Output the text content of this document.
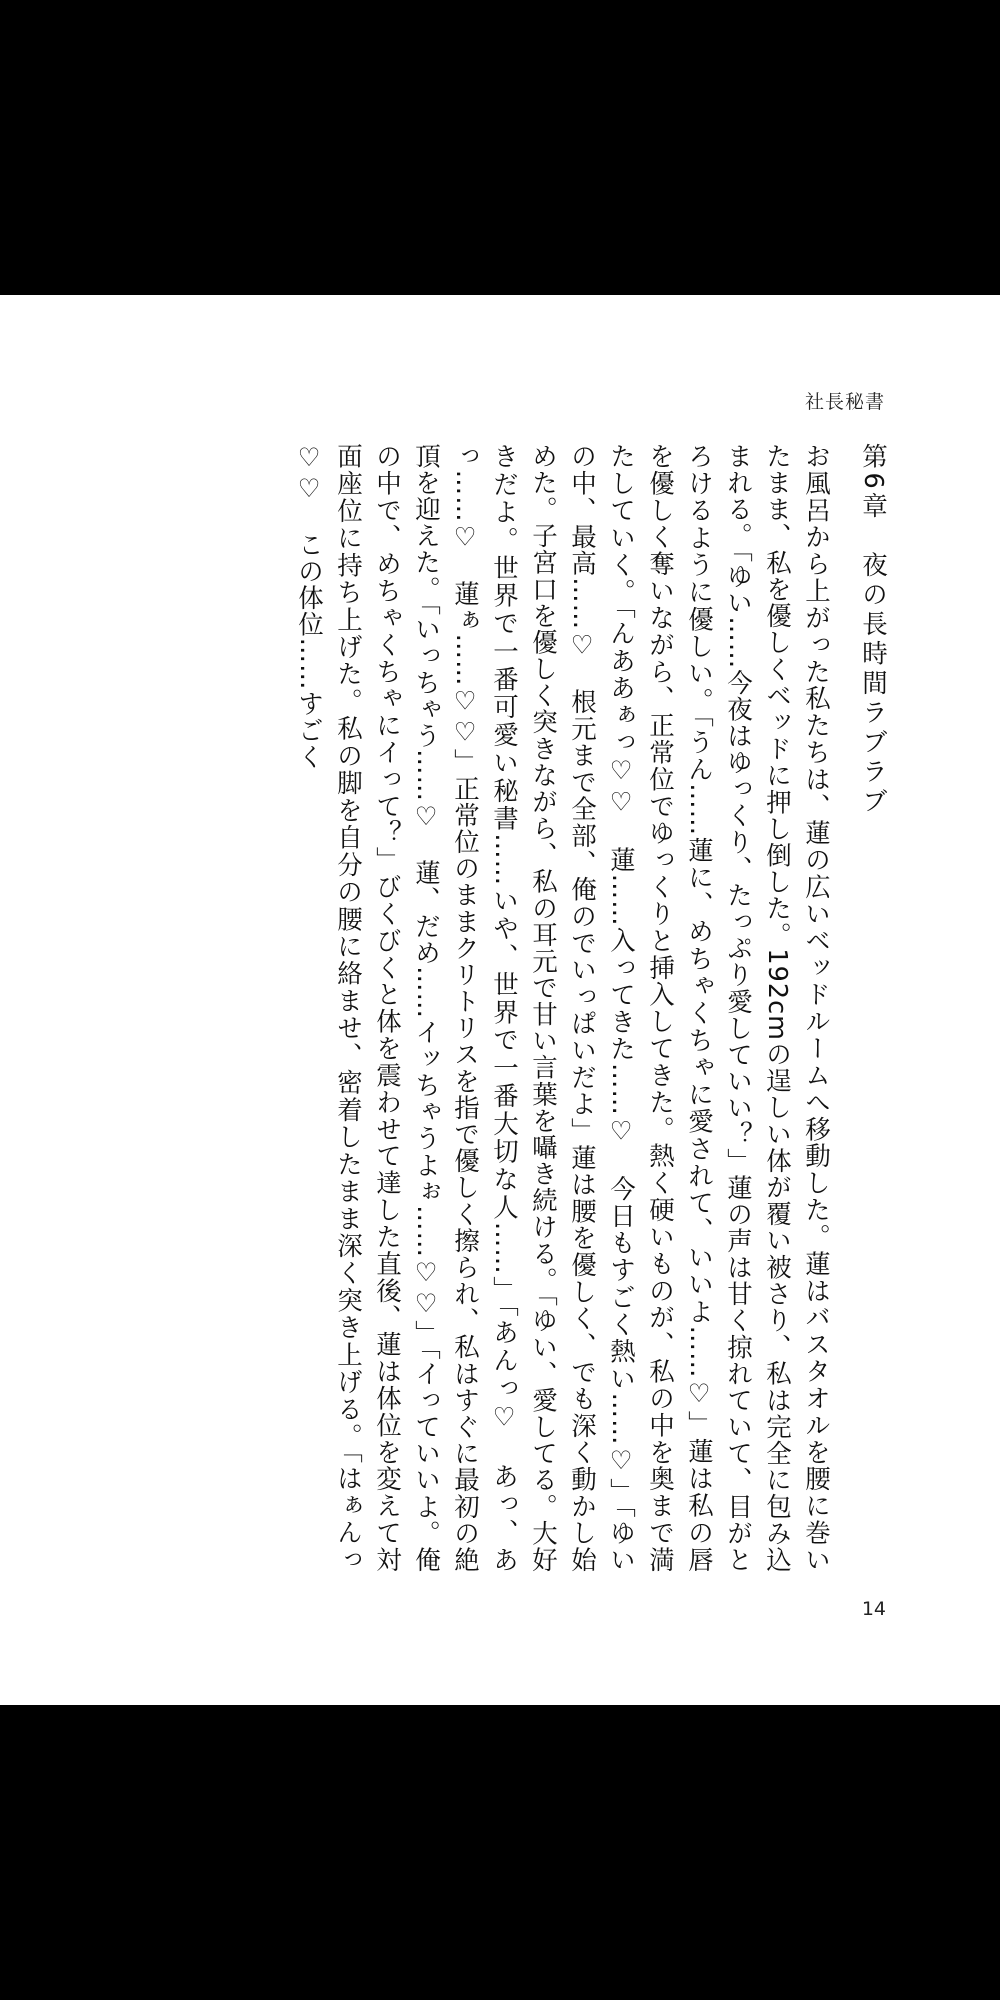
社長秘書
第6章　夜の長時間ラブラブ

お風呂から上がった私たちは、蓮の広いベッドルームへ移動した。蓮はバスタオルを腰に巻いたまま、私を優しくベッドに押し倒した。192cmの逞しい体が覆い被さり、私は完全に包み込まれる。「ゆい……今夜はゆっくり、たっぷり愛していい？」蓮の声は甘く掠れていて、目がとろけるように優しい。「うん……蓮に、めちゃくちゃに愛されて、いいよ……♡」蓮は私の唇を優しく奪いながら、正常位でゆっくりと挿入してきた。熱く硬いものが、私の中を奥まで満たしていく。「んああぁっ♡♡　蓮……入ってきた……♡　今日もすごく熱い……♡」「ゆいの中、最高……♡　根元まで全部、俺のでいっぱいだよ」蓮は腰を優しく、でも深く動かし始めた。子宮口を優しく突きながら、私の耳元で甘い言葉を囁き続ける。「ゆい、愛してる。大好きだよ。世界で一番可愛い秘書……いや、世界で一番大切な人……」「あんっ♡　あっ、あっ……♡　蓮ぁ……♡♡」正常位のままクリトリスを指で優しく擦られ、私はすぐに最初の絶頂を迎えた。「いっちゃう……♡　蓮、だめ……イッちゃうよぉ……♡♡」「イっていいよ。俺の中で、めちゃくちゃにイって？」びくびくと体を震わせて達した直後、蓮は体位を変えて対面座位に持ち上げた。私の脚を自分の腰に絡ませ、密着したまま深く突き上げる。「はぁんっ♡♡　この体位……すごく

14
